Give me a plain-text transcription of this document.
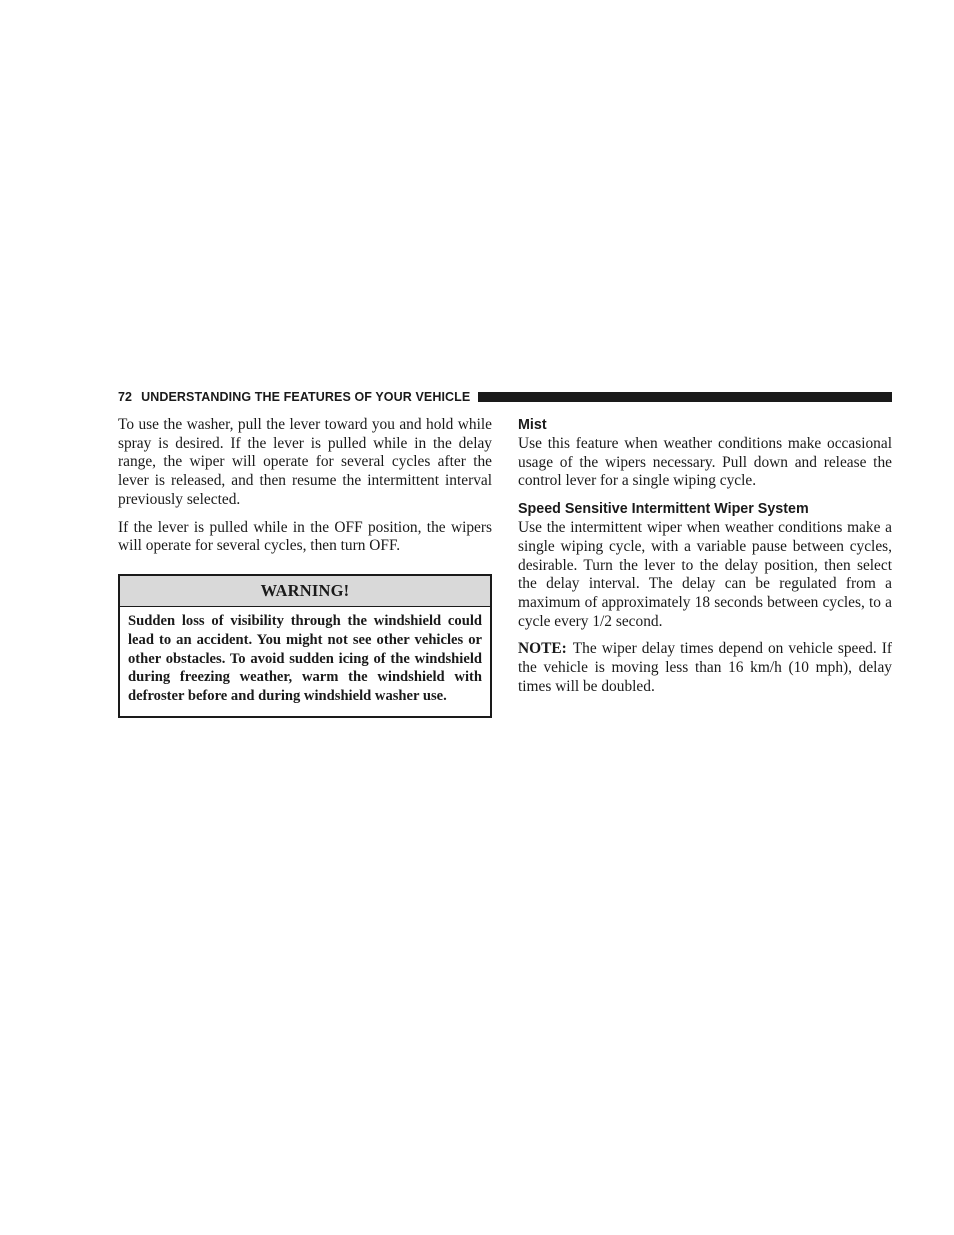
72 UNDERSTANDING THE FEATURES OF YOUR VEHICLE

To use the washer, pull the lever toward you and hold while spray is desired. If the lever is pulled while in the delay range, the wiper will operate for several cycles after the lever is released, and then resume the intermittent interval previously selected.

If the lever is pulled while in the OFF position, the wipers will operate for several cycles, then turn OFF.

WARNING!
Sudden loss of visibility through the windshield could lead to an accident. You might not see other vehicles or other obstacles. To avoid sudden icing of the windshield during freezing weather, warm the windshield with defroster before and during windshield washer use.
Mist

Use this feature when weather conditions make occasional usage of the wipers necessary. Pull down and release the control lever for a single wiping cycle.

Speed Sensitive Intermittent Wiper System

Use the intermittent wiper when weather conditions make a single wiping cycle, with a variable pause between cycles, desirable. Turn the lever to the delay position, then select the delay interval. The delay can be regulated from a maximum of approximately 18 seconds between cycles, to a cycle every 1/2 second.

NOTE: The wiper delay times depend on vehicle speed. If the vehicle is moving less than 16 km/h (10 mph), delay times will be doubled.
